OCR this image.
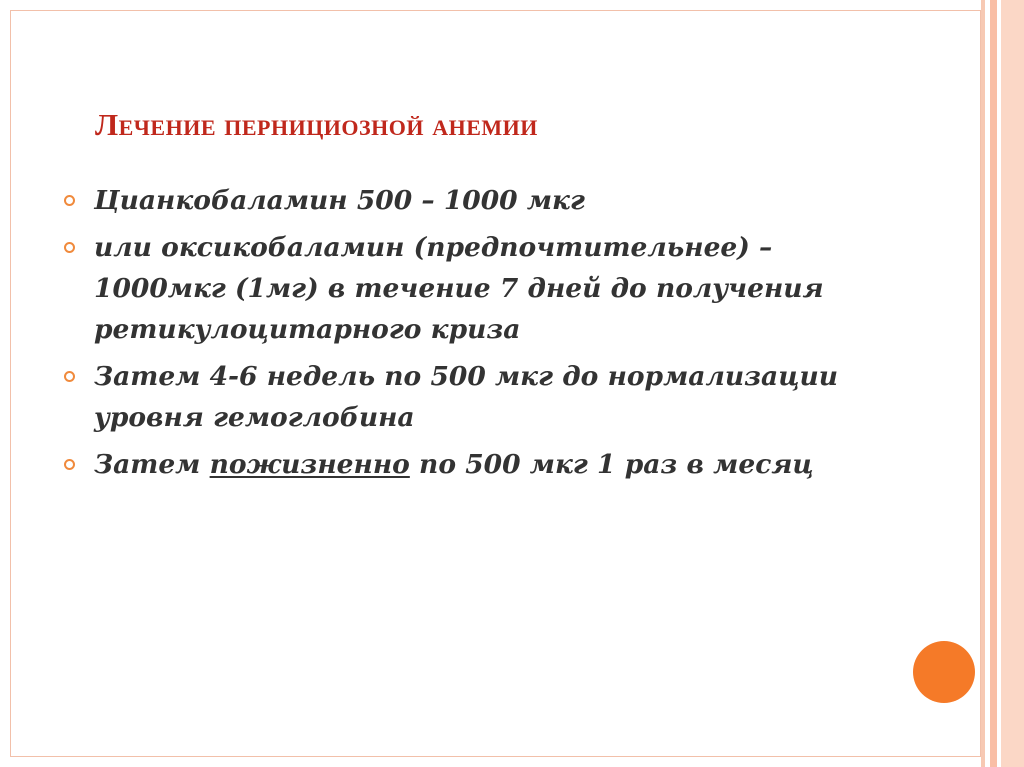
Лечение пернициозной анемии
Цианкобаламин 500 – 1000 мкг
или оксикобаламин (предпочтительнее) –1000мкг (1мг) в течение 7 дней до получения ретикулоцитарного криза
Затем 4-6 недель по 500 мкг до нормализации уровня гемоглобина
Затем пожизненно по 500 мкг 1 раз в месяц
